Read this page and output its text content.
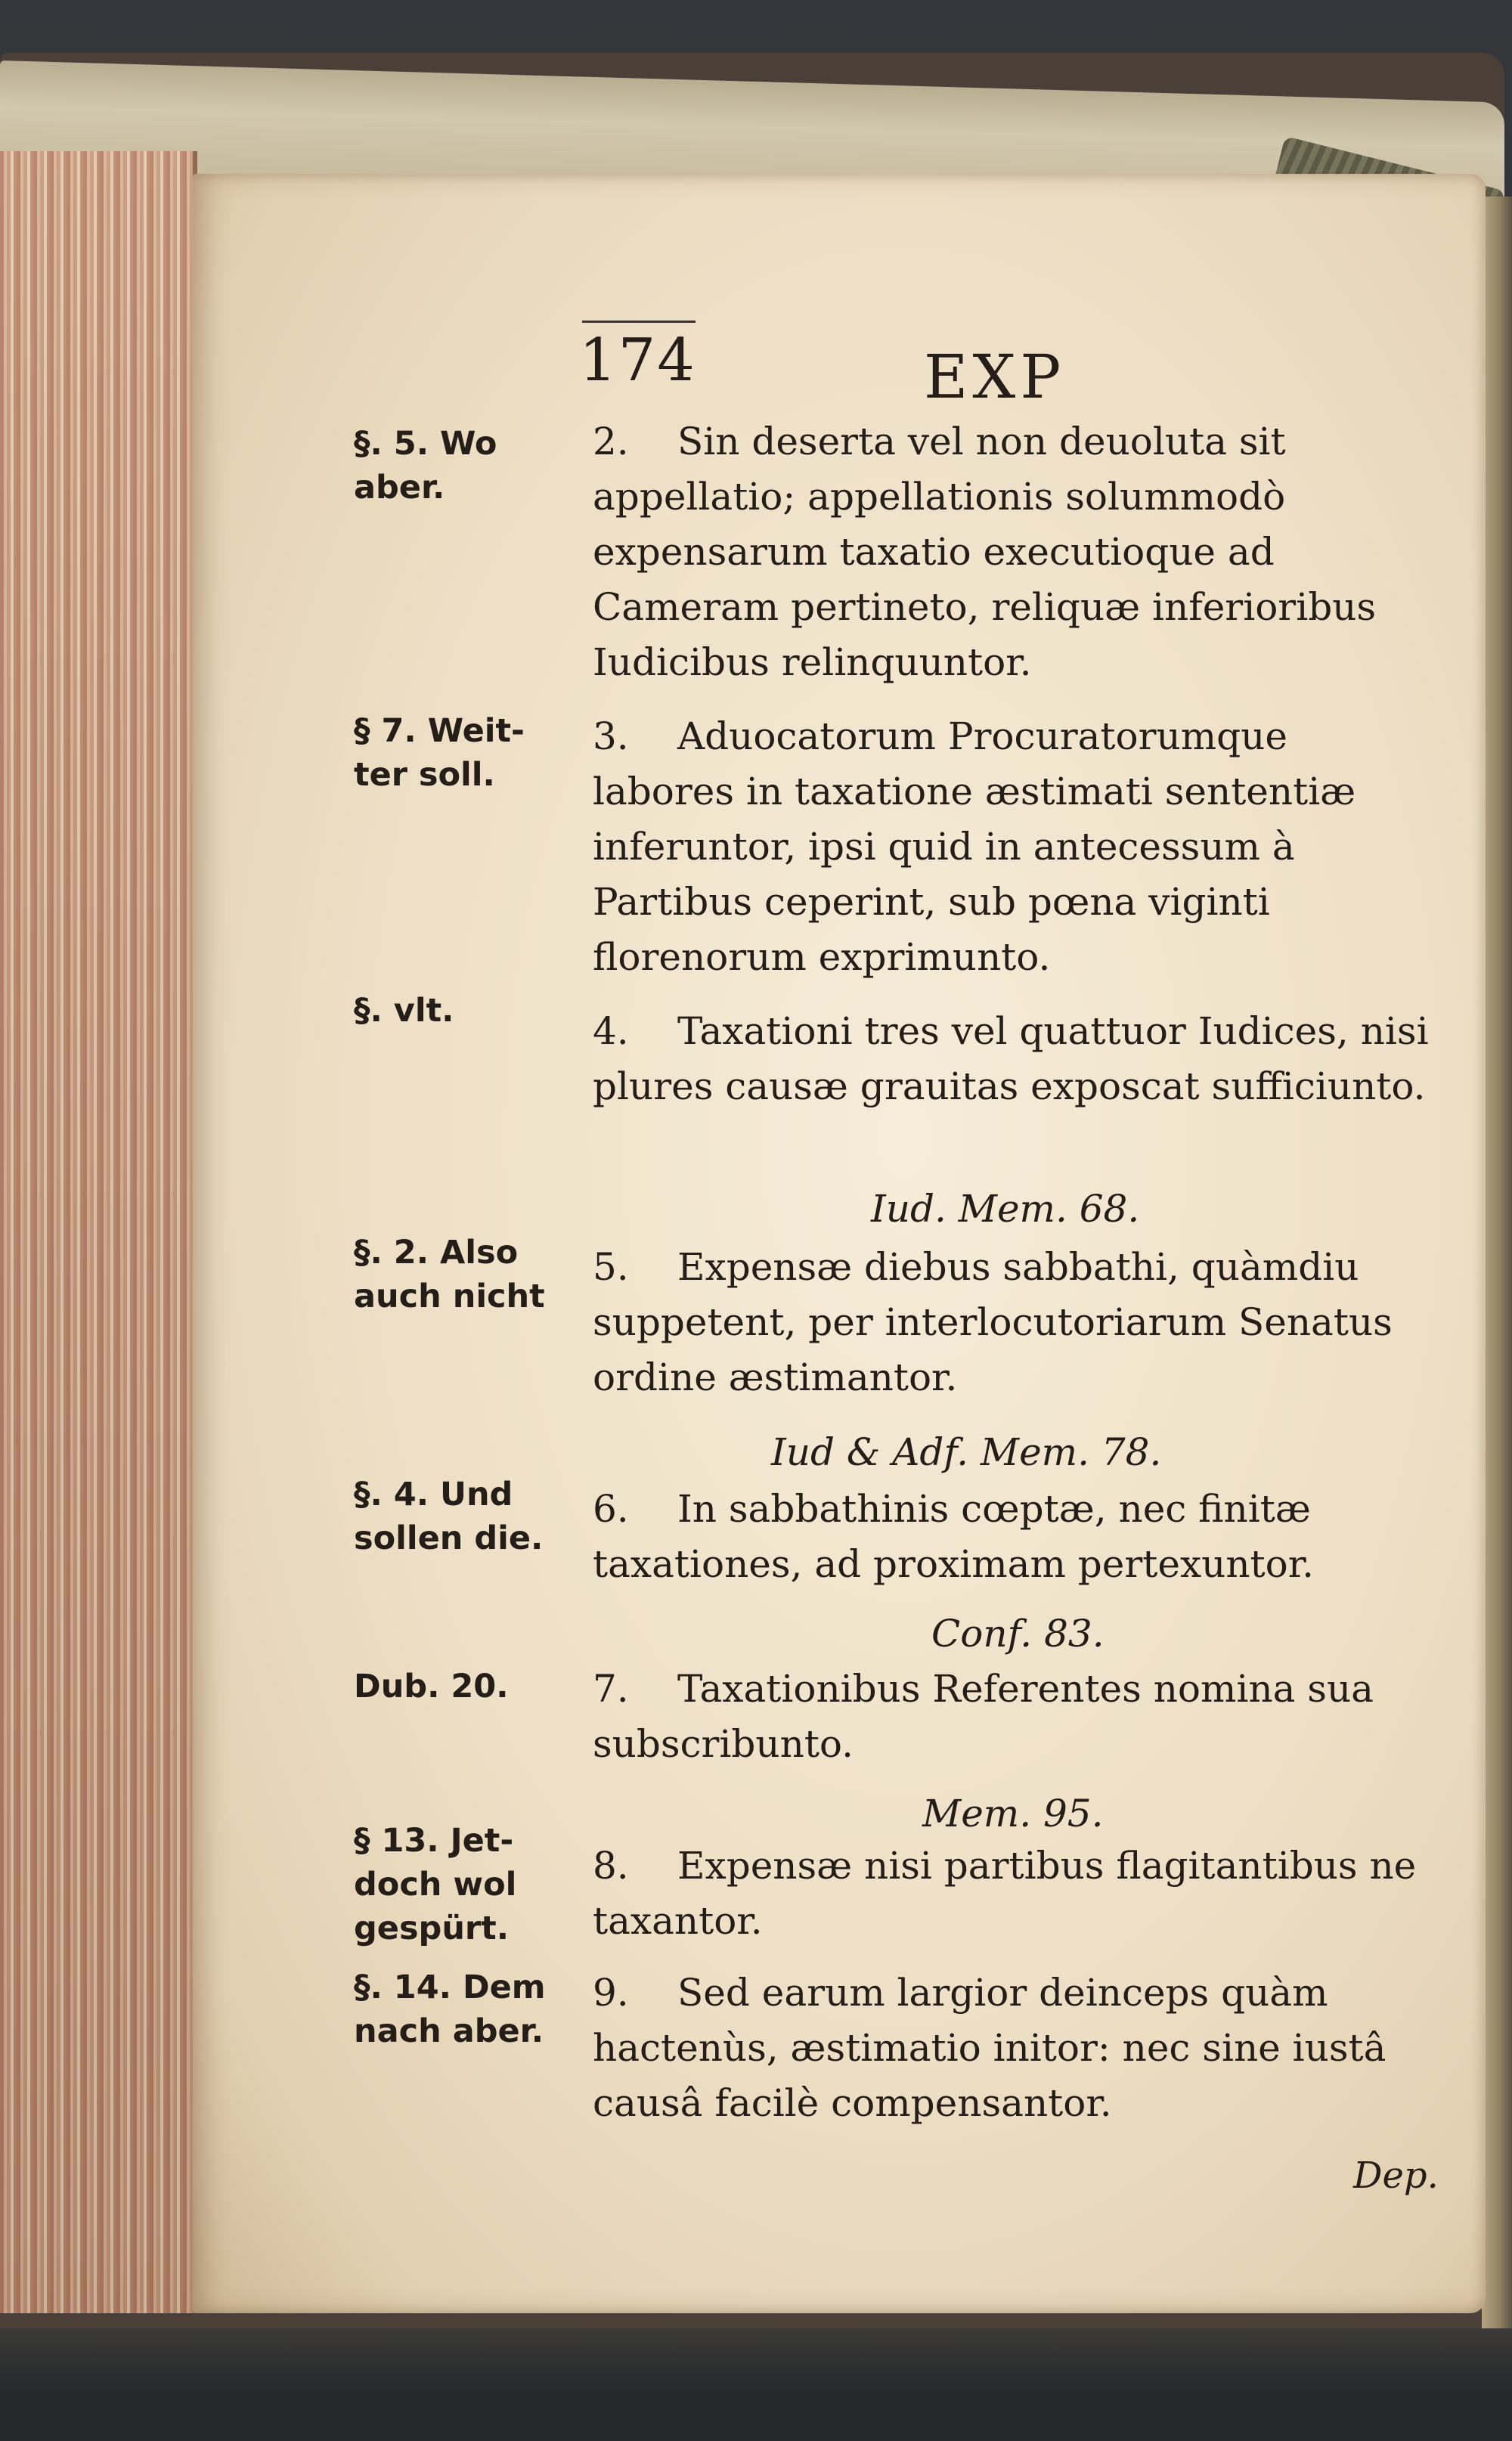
174	EXP
§. 5. Wo
aber.
§ 7. Weit-
ter soll.
§. vlt.
§. 2. Also
auch nicht
§. 4. Und
sollen die.
Dub. 20.
§ 13. Jet-
doch wol
gespürt.
§. 14. Dem
nach aber.
2. Sin deserta vel non deuoluta sit appellatio; appellationis solummodò expensarum taxatio executioque ad Cameram pertineto, reliquæ inferioribus Iudicibus relinquuntor.
3. Aduocatorum Procuratorumque labores in taxatione æstimati sententiæ inferuntor, ipsi quid in antecessum à Partibus ceperint, sub pœna viginti florenorum exprimunto.
4. Taxationi tres vel quattuor Iudices, nisi plures causæ grauitas exposcat sufficiunto.
Iud. Mem. 68.
5. Expensæ diebus sabbathi, quàmdiu suppetent, per interlocutoriarum Senatus ordine æstimantor.
Iud & Adf. Mem. 78.
6. In sabbathinis cœptæ, nec finitæ taxationes, ad proximam pertexuntor.
Conf. 83.
7. Taxationibus Referentes nomina sua subscribunto.
Mem. 95.
8. Expensæ nisi partibus flagitantibus ne taxantor.
9. Sed earum largior deinceps quàm hactenùs, æstimatio initor: nec sine iustâ causâ facilè compensantor.
Dep.
